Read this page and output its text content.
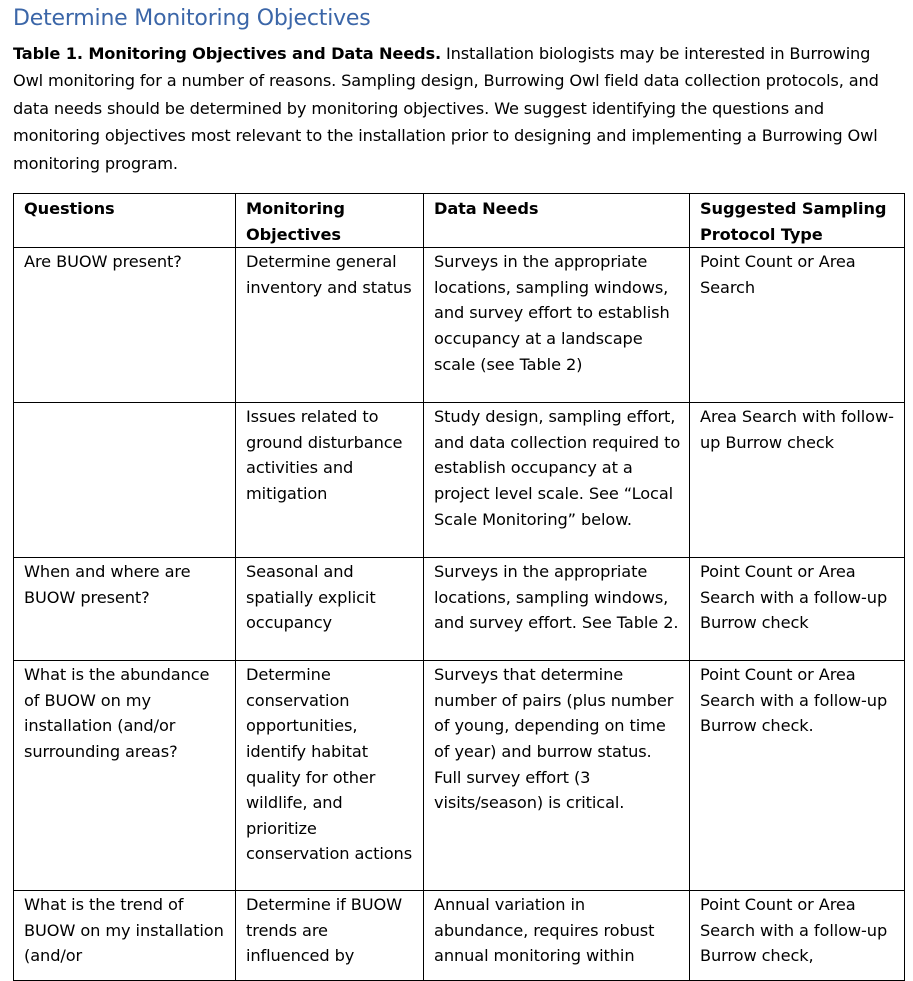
Determine Monitoring Objectives

Table 1. Monitoring Objectives and Data Needs. Installation biologists may be interested in Burrowing Owl monitoring for a number of reasons. Sampling design, Burrowing Owl field data collection protocols, and data needs should be determined by monitoring objectives. We suggest identifying the questions and monitoring objectives most relevant to the installation prior to designing and implementing a Burrowing Owl monitoring program.

Questions	Monitoring Objectives	Data Needs	Suggested Sampling Protocol Type
Are BUOW present?	Determine general inventory and status	Surveys in the appropriate locations, sampling windows, and survey effort to establish occupancy at a landscape scale (see Table 2)	Point Count or Area Search
	Issues related to ground disturbance activities and mitigation	Study design, sampling effort, and data collection required to establish occupancy at a project level scale. See “Local Scale Monitoring” below.	Area Search with follow-up Burrow check
When and where are BUOW present?	Seasonal and spatially explicit occupancy	Surveys in the appropriate locations, sampling windows, and survey effort. See Table 2.	Point Count or Area Search with a follow-up Burrow check
What is the abundance of BUOW on my installation (and/or surrounding areas?	Determine conservation opportunities, identify habitat quality for other wildlife, and prioritize conservation actions	Surveys that determine number of pairs (plus number of young, depending on time of year) and burrow status. Full survey effort (3 visits/season) is critical.	Point Count or Area Search with a follow-up Burrow check.
What is the trend of BUOW on my installation (and/or	Determine if BUOW trends are influenced by	Annual variation in abundance, requires robust annual monitoring within	Point Count or Area Search with a follow-up Burrow check,
